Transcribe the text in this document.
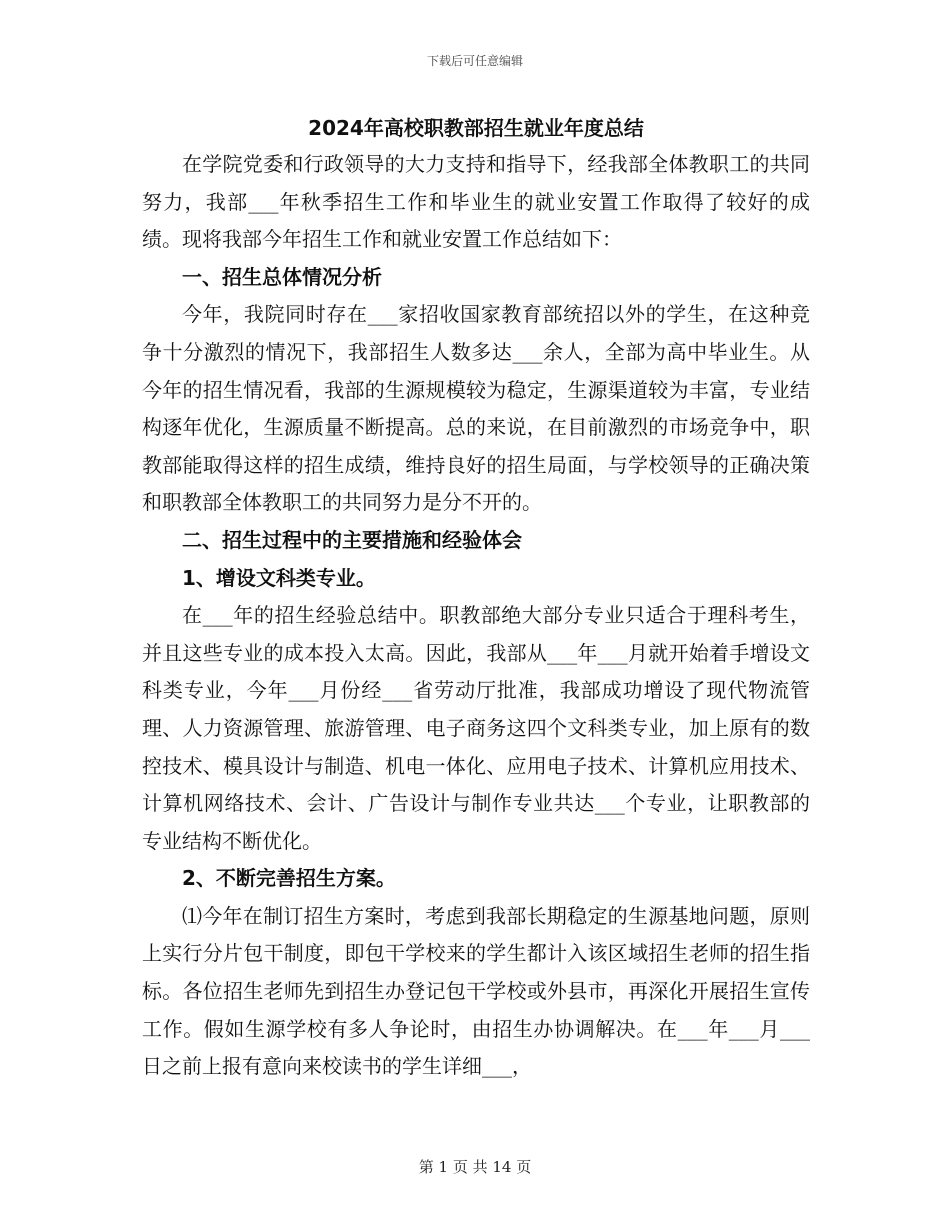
下载后可任意编辑
2024年高校职教部招生就业年度总结

在学院党委和行政领导的大力支持和指导下，经我部全体教职工的共同努力，我部___年秋季招生工作和毕业生的就业安置工作取得了较好的成绩。现将我部今年招生工作和就业安置工作总结如下：

一、招生总体情况分析

今年，我院同时存在___家招收国家教育部统招以外的学生，在这种竞争十分激烈的情况下，我部招生人数多达___余人，全部为高中毕业生。从今年的招生情况看，我部的生源规模较为稳定，生源渠道较为丰富，专业结构逐年优化，生源质量不断提高。总的来说，在目前激烈的市场竞争中，职教部能取得这样的招生成绩，维持良好的招生局面，与学校领导的正确决策和职教部全体教职工的共同努力是分不开的。

二、招生过程中的主要措施和经验体会
1、增设文科类专业。

在___年的招生经验总结中。职教部绝大部分专业只适合于理科考生，并且这些专业的成本投入太高。因此，我部从___年___月就开始着手增设文科类专业，今年___月份经___省劳动厅批准，我部成功增设了现代物流管理、人力资源管理、旅游管理、电子商务这四个文科类专业，加上原有的数控技术、模具设计与制造、机电一体化、应用电子技术、计算机应用技术、计算机网络技术、会计、广告设计与制作专业共达___个专业，让职教部的专业结构不断优化。

2、不断完善招生方案。

⑴今年在制订招生方案时，考虑到我部长期稳定的生源基地问题，原则上实行分片包干制度，即包干学校来的学生都计入该区域招生老师的招生指标。各位招生老师先到招生办登记包干学校或外县市，再深化开展招生宣传工作。假如生源学校有多人争论时，由招生办协调解决。在___年___月___日之前上报有意向来校读书的学生详细___，

第 1 页 共 14 页
